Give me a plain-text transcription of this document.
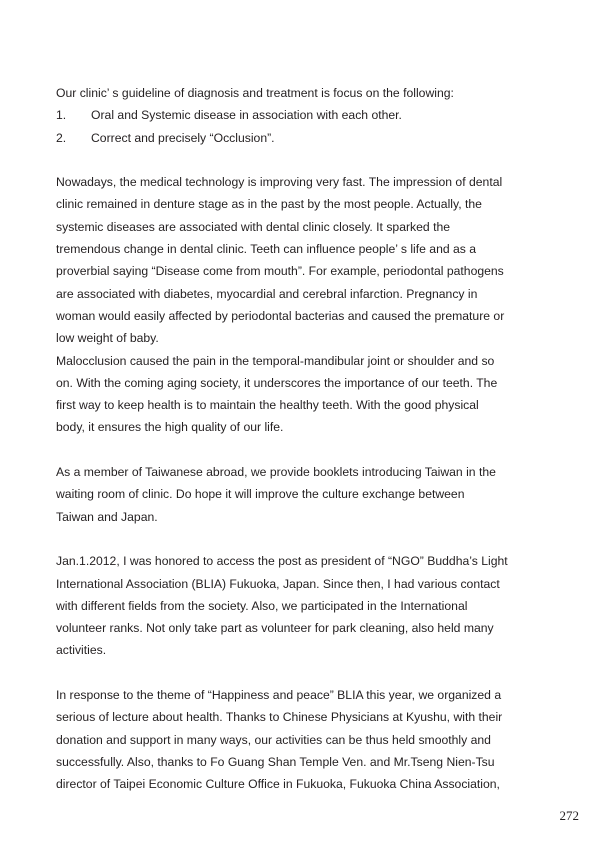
Our clinic’ s guideline of diagnosis and treatment is focus on the following:
1. Oral and Systemic disease in association with each other.
2. Correct and precisely “Occlusion”.
Nowadays, the medical technology is improving very fast. The impression of dental
clinic remained in denture stage as in the past by the most people. Actually, the
systemic diseases are associated with dental clinic closely. It sparked the
tremendous change in dental clinic. Teeth can influence people’ s life and as a
proverbial saying “Disease come from mouth”. For example, periodontal pathogens
are associated with diabetes, myocardial and cerebral infarction. Pregnancy in
woman would easily affected by periodontal bacterias and caused the premature or
low weight of baby.
Malocclusion caused the pain in the temporal-mandibular joint or shoulder and so
on. With the coming aging society, it underscores the importance of our teeth. The
first way to keep health is to maintain the healthy teeth. With the good physical
body, it ensures the high quality of our life.
As a member of Taiwanese abroad, we provide booklets introducing Taiwan in the
waiting room of clinic. Do hope it will improve the culture exchange between
Taiwan and Japan.
Jan.1.2012, I was honored to access the post as president of “NGO” Buddha’s Light
International Association (BLIA) Fukuoka, Japan. Since then, I had various contact
with different fields from the society. Also, we participated in the International
volunteer ranks. Not only take part as volunteer for park cleaning, also held many
activities.
In response to the theme of “Happiness and peace” BLIA this year, we organized a
serious of lecture about health. Thanks to Chinese Physicians at Kyushu, with their
donation and support in many ways, our activities can be thus held smoothly and
successfully. Also, thanks to Fo Guang Shan Temple Ven. and Mr.Tseng Nien-Tsu
director of Taipei Economic Culture Office in Fukuoka, Fukuoka China Association,
272
